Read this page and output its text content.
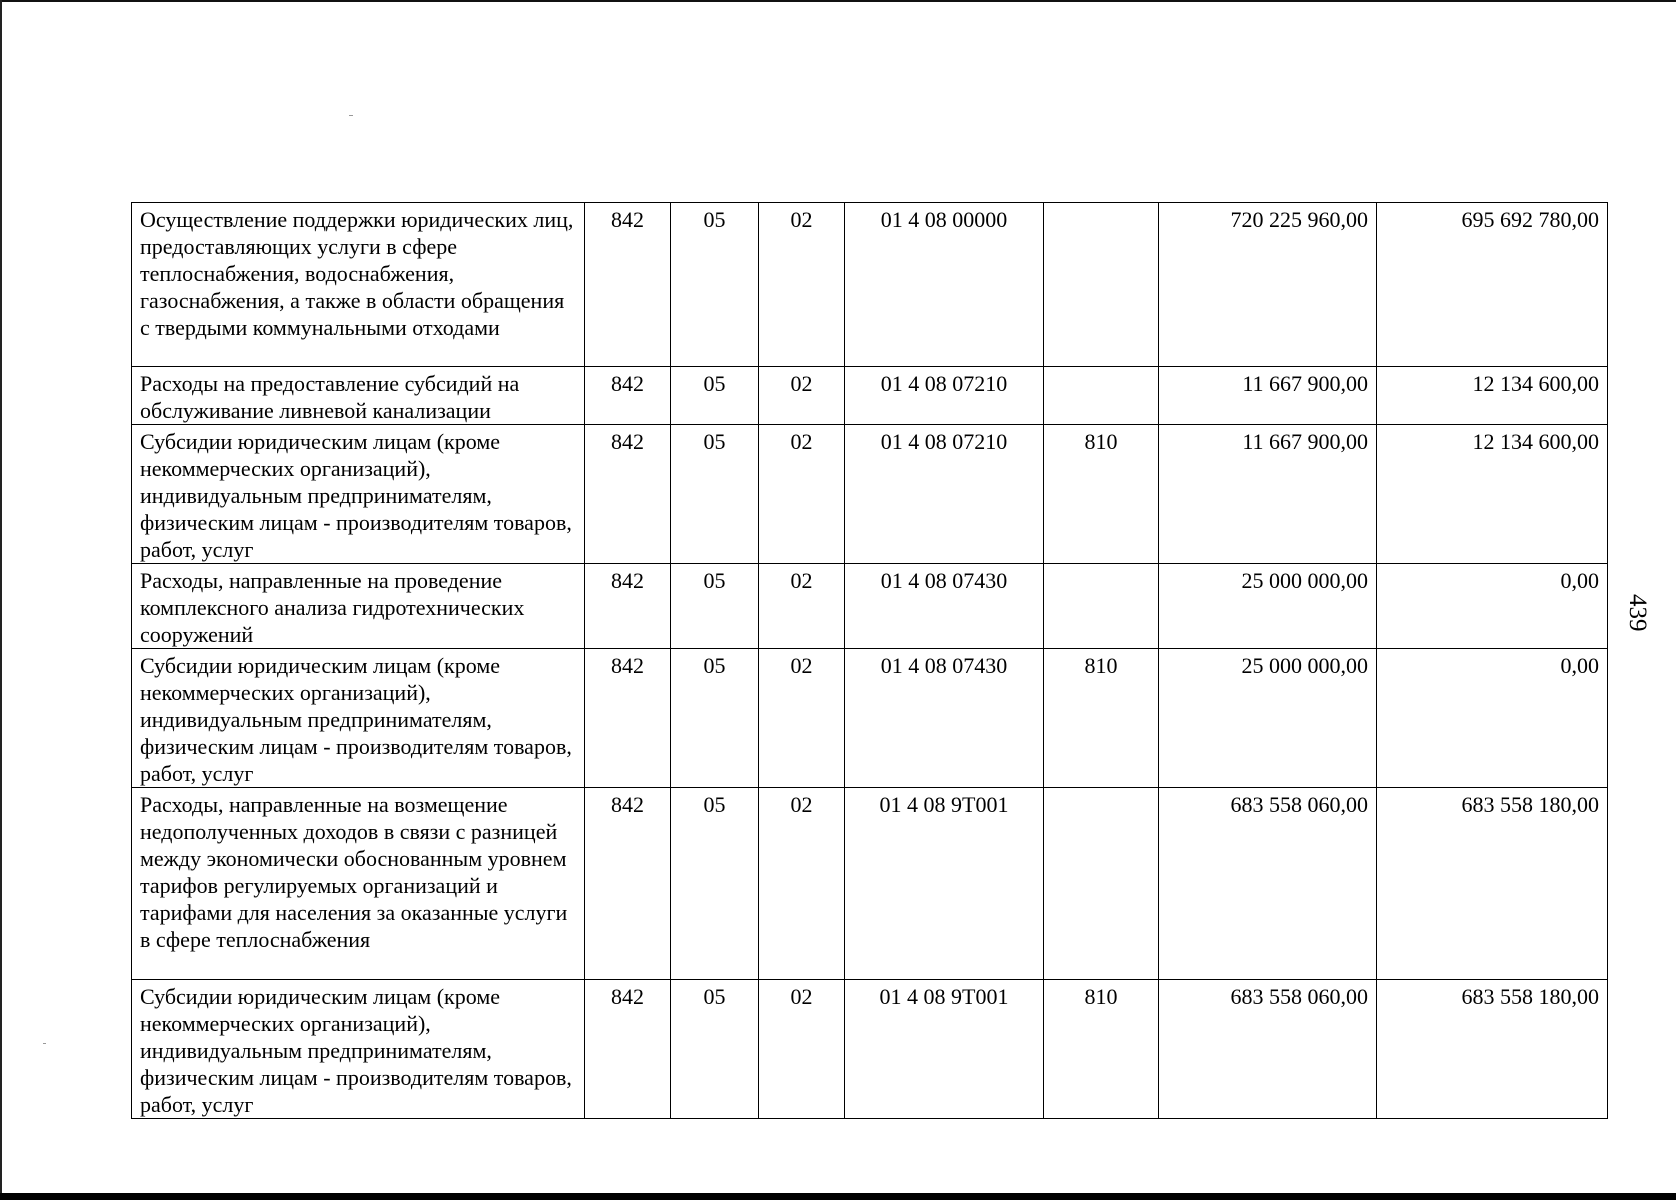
Осуществление поддержки юридических лиц, предоставляющих услуги в сфере теплоснабжения, водоснабжения, газоснабжения, а также в области обращения с твердыми коммунальными отходами	842	05	02	01 4 08 00000		720 225 960,00	695 692 780,00
Расходы на предоставление субсидий на обслуживание ливневой канализации	842	05	02	01 4 08 07210		11 667 900,00	12 134 600,00
Субсидии юридическим лицам (кроме некоммерческих организаций), индивидуальным предпринимателям, физическим лицам - производителям товаров, работ, услуг	842	05	02	01 4 08 07210	810	11 667 900,00	12 134 600,00
Расходы, направленные на проведение комплексного анализа гидротехнических сооружений	842	05	02	01 4 08 07430		25 000 000,00	0,00
Субсидии юридическим лицам (кроме некоммерческих организаций), индивидуальным предпринимателям, физическим лицам - производителям товаров, работ, услуг	842	05	02	01 4 08 07430	810	25 000 000,00	0,00
Расходы, направленные на возмещение недополученных доходов в связи с разницей между экономически обоснованным уровнем тарифов регулируемых организаций и тарифами для населения за оказанные услуги в сфере теплоснабжения	842	05	02	01 4 08 9Т001		683 558 060,00	683 558 180,00
Субсидии юридическим лицам (кроме некоммерческих организаций), индивидуальным предпринимателям, физическим лицам - производителям товаров, работ, услуг	842	05	02	01 4 08 9Т001	810	683 558 060,00	683 558 180,00
439
